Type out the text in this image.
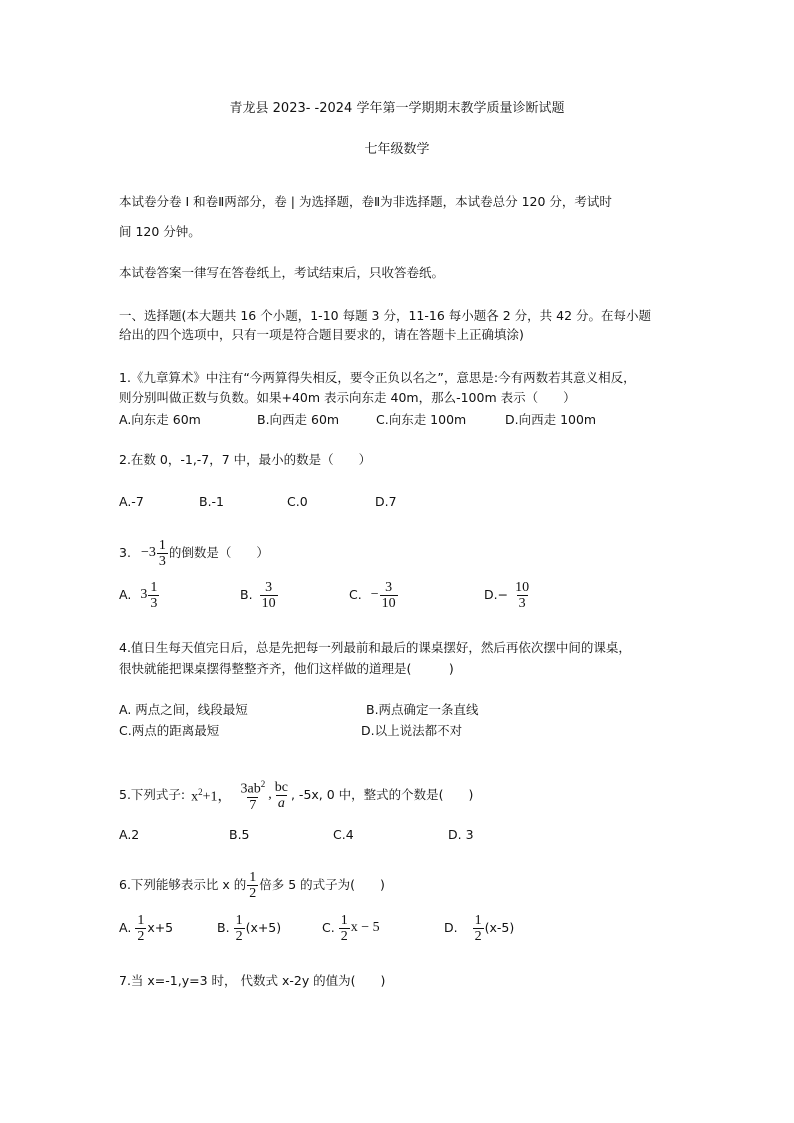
青龙县 2023- -2024 学年第一学期期末教学质量诊断试题
七年级数学
本试卷分卷 I 和卷Ⅱ两部分，卷 | 为选择题，卷Ⅱ为非选择题，本试卷总分 120 分，考试时
间 120 分钟。
本试卷答案一律写在答卷纸上，考试结束后，只收答卷纸。
一、选择题(本大题共 16 个小题，1-10 每题 3 分，11-16 每小题各 2 分，共 42 分。在每小题
给出的四个选项中，只有一项是符合题目要求的，请在答题卡上正确填涂)
1.《九章算术》中注有“今两算得失相反，要令正负以名之”，意思是:今有两数若其意义相反，
则分别叫做正数与负数。如果+40m 表示向东走 40m，那么-100m 表示（　　）
A.向东走 60m	B.向西走 60m	C.向东走 100m	D.向西走 100m
2.在数 0，-1,-7，7 中，最小的数是（　　）
A.-7	B.-1	C.0	D.7
3. $-3 \frac{1}{3}$ 的倒数是（　　）
A. $3 \frac{1}{3}$	B. $\frac{3}{10}$	C. − $\frac{3}{10}$	$D.- \frac{10}{3}$
4.值日生每天值完日后，总是先把每一列最前和最后的课桌摆好，然后再依次摆中间的课桌，
很快就能把课桌摆得整整齐齐，他们这样做的道理是(　　　)
A. 两点之间，线段最短	B.两点确定一条直线
C.两点的距离最短	D.以上说法都不对
5.下列式子: $x^2+1$， $\frac{3ab^2}{7}$ , $\frac{bc}{a}$ , -5x, 0 中，整式的个数是(　　)
A.2	B.5	C.4	D. 3
6.下列能够表示比 x 的 $\frac{1}{2}$ 倍多 5 的式子为(　　)
A. $\frac{1}{2} x+5$	B. $\frac{1}{2} (x+5)$	C. $\frac{1}{2}$ x − 5	D. $\frac{1}{2} (x-5)$
7.当 x=-1,y=3 时， 代数式 x-2y 的值为(　　)
